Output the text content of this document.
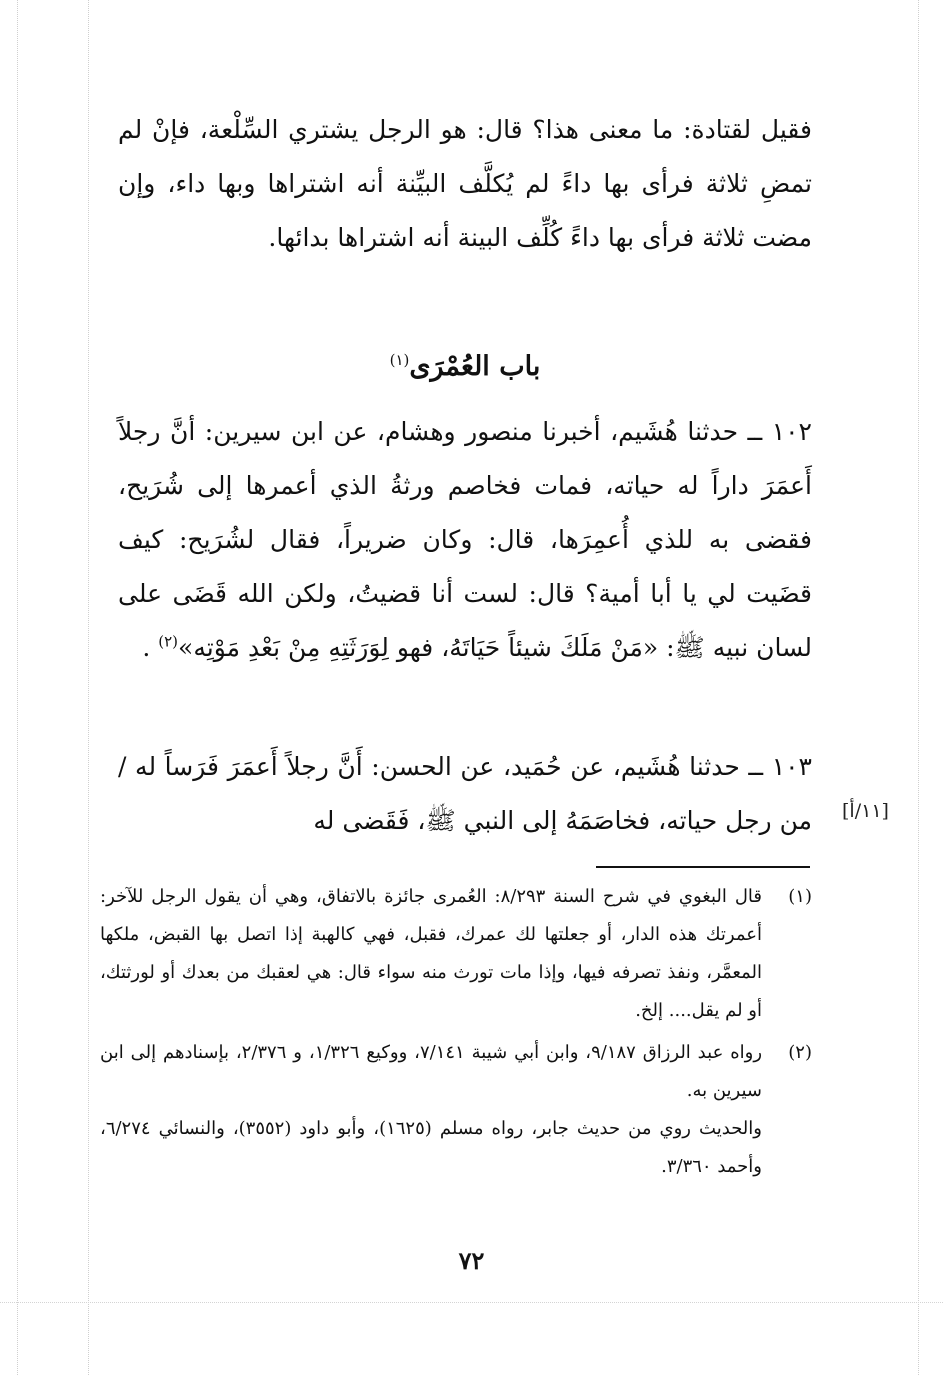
فقيل لقتادة: ما معنى هذا؟ قال: هو الرجل يشتري السِّلْعة، فإنْ لم تمضِ ثلاثة فرأى بها داءً لم يُكلَّف البيِّنة أنه اشتراها وبها داء، وإن مضت ثلاثة فرأى بها داءً كُلِّف البينة أنه اشتراها بدائها.

باب العُمْرَى$^{(١)}$

١٠٢ ــ حدثنا هُشَيم، أخبرنا منصور وهشام، عن ابن سيرين: أنَّ رجلاً أَعمَرَ داراً له حياته، فمات فخاصم ورثةُ الذي أعمرها إلى شُرَيح، فقضى به للذي أُعمِرَها، قال: وكان ضريراً، فقال لشُرَيح: كيف قضَيت لي يا أبا أمية؟ قال: لست أنا قضيتُ، ولكن الله قَضَى على لسان نبيه ﷺ: «مَنْ مَلَكَ شيئاً حَيَاتَهُ، فهو لِوَرَثَتِهِ مِنْ بَعْدِ مَوْتِه»$^{(٢)}$ .

١٠٣ ــ حدثنا هُشَيم، عن حُمَيد، عن الحسن: أَنَّ رجلاً أَعمَرَ فَرَساً له / من رجل حياته، فخاصَمَهُ إلى النبي ﷺ، فَقَضى له [١١/أ]
(١)
قال البغوي في شرح السنة ٨/٢٩٣: العُمرى جائزة بالاتفاق، وهي أن يقول الرجل للآخر: أعمرتك هذه الدار، أو جعلتها لك عمرك، فقبل، فهي كالهبة إذا اتصل بها القبض، ملكها المعمَّر، ونفذ تصرفه فيها، وإذا مات تورث منه سواء قال: هي لعقبك من بعدك أو لورثتك، أو لم يقل.... إلخ.
(٢)
رواه عبد الرزاق ٩/١٨٧، وابن أبي شيبة ٧/١٤١، ووكيع ١/٣٢٦، و ٢/٣٧٦، بإسنادهم إلى ابن سيرين به.
والحديث روي من حديث جابر، رواه مسلم (١٦٢٥)، وأبو داود (٣٥٥٢)، والنسائي ٦/٢٧٤، وأحمد ٣/٣٦٠.
٧٢
